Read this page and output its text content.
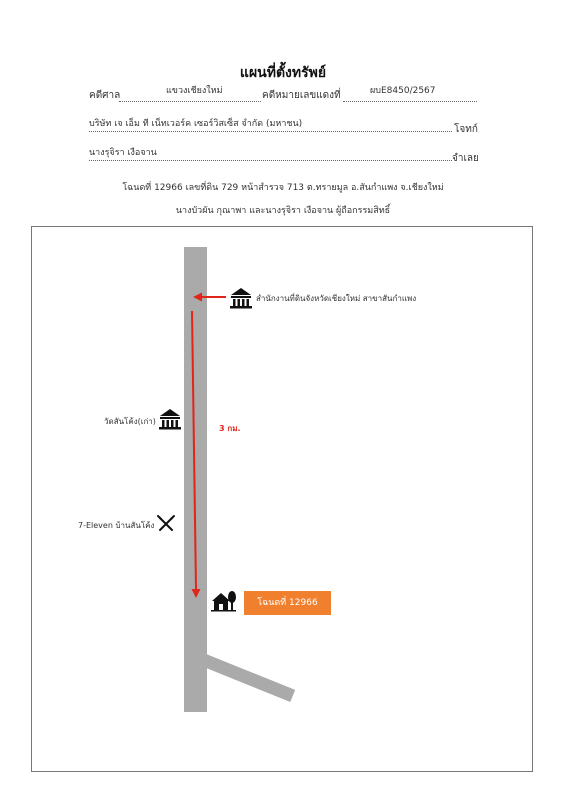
แผนที่ตั้งทรัพย์
คดีศาล	แขวงเชียงใหม่	คดีหมายเลขแดงที่	ผบE8450/2567
บริษัท เจ เอ็ม ที เน็ทเวอร์ค เซอร์วิสเซ็ส จำกัด (มหาชน)	โจทก์
นางรุจิรา เงือจาน	จำเลย
โฉนดที่ 12966 เลขที่ดิน 729 หน้าสำรวจ 713 ต.ทรายมูล อ.สันกำแพง จ.เชียงใหม่
นางบัวผัน กุณาพา และนางรุจิรา เงือจาน ผู้ถือกรรมสิทธิ์
สำนักงานที่ดินจังหวัดเชียงใหม่ สาขาสันกำแพง
วัดสันโค้ง(เก่า)
3 กม.
7-Eleven บ้านสันโค้ง
โฉนดที่ 12966
